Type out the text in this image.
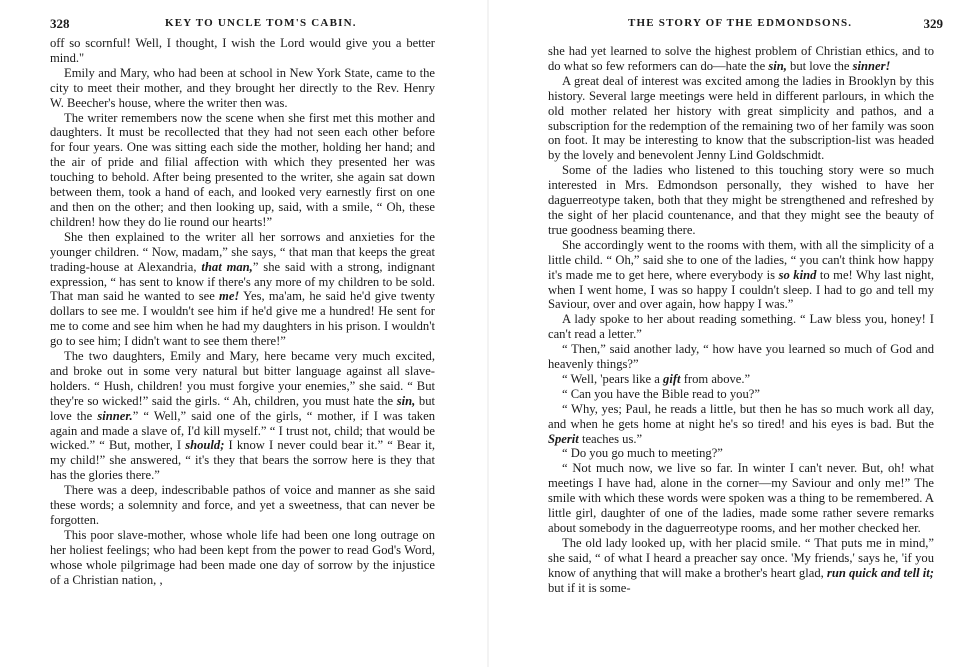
328	KEY TO UNCLE TOM'S CABIN.

off so scornful! Well, I thought, I wish the Lord would give you a better mind."

Emily and Mary, who had been at school in New York State, came to the city to meet their mother, and they brought her directly to the Rev. Henry W. Beecher's house, where the writer then was.

The writer remembers now the scene when she first met this mother and daughters. It must be recollected that they had not seen each other before for four years. One was sitting each side the mother, holding her hand; and the air of pride and filial affection with which they presented her was touching to behold. After being presented to the writer, she again sat down between them, took a hand of each, and looked very earnestly first on one and then on the other; and then looking up, said, with a smile, “ Oh, these children! how they do lie round our hearts!”

She then explained to the writer all her sorrows and anxieties for the younger children. “ Now, madam,” she says, “ that man that keeps the great trading-house at Alexandria, that man,” she said with a strong, indignant expression, “ has sent to know if there's any more of my children to be sold. That man said he wanted to see me! Yes, ma'am, he said he'd give twenty dollars to see me. I wouldn't see him if he'd give me a hundred! He sent for me to come and see him when he had my daughters in his prison. I wouldn't go to see him; I didn't want to see them there!”

The two daughters, Emily and Mary, here became very much excited, and broke out in some very natural but bitter language against all slave-holders. “ Hush, children! you must forgive your enemies,” she said. “ But they're so wicked!” said the girls. “ Ah, children, you must hate the sin, but love the sinner.” “ Well,” said one of the girls, “ mother, if I was taken again and made a slave of, I'd kill myself.” “ I trust not, child; that would be wicked.” “ But, mother, I should; I know I never could bear it.” “ Bear it, my child!” she answered, “ it's they that bears the sorrow here is they that has the glories there.”

There was a deep, indescribable pathos of voice and manner as she said these words; a solemnity and force, and yet a sweetness, that can never be forgotten.

This poor slave-mother, whose whole life had been one long outrage on her holiest feelings; who had been kept from the power to read God's Word, whose whole pilgrimage had been made one day of sorrow by the injustice of a Christian nation, ,

THE STORY OF THE EDMONDSONS.	329

she had yet learned to solve the highest problem of Christian ethics, and to do what so few reformers can do—hate the sin, but love the sinner!

A great deal of interest was excited among the ladies in Brooklyn by this history. Several large meetings were held in different parlours, in which the old mother related her history with great simplicity and pathos, and a subscription for the redemption of the remaining two of her family was soon on foot. It may be interesting to know that the subscription-list was headed by the lovely and benevolent Jenny Lind Goldschmidt.

Some of the ladies who listened to this touching story were so much interested in Mrs. Edmondson personally, they wished to have her daguerreotype taken, both that they might be strengthened and refreshed by the sight of her placid countenance, and that they might see the beauty of true goodness beaming there.

She accordingly went to the rooms with them, with all the simplicity of a little child. “ Oh,” said she to one of the ladies, “ you can't think how happy it's made me to get here, where everybody is so kind to me! Why last night, when I went home, I was so happy I couldn't sleep. I had to go and tell my Saviour, over and over again, how happy I was.”

A lady spoke to her about reading something. “ Law bless you, honey! I can't read a letter.”

“ Then,” said another lady, “ how have you learned so much of God and heavenly things?”

“ Well, 'pears like a gift from above.”

“ Can you have the Bible read to you?”

“ Why, yes; Paul, he reads a little, but then he has so much work all day, and when he gets home at night he's so tired! and his eyes is bad. But the Sperit teaches us.”

“ Do you go much to meeting?”

“ Not much now, we live so far. In winter I can't never. But, oh! what meetings I have had, alone in the corner—my Saviour and only me!” The smile with which these words were spoken was a thing to be remembered. A little girl, daughter of one of the ladies, made some rather severe remarks about somebody in the daguerreotype rooms, and her mother checked her.

The old lady looked up, with her placid smile. “ That puts me in mind,” she said, “ of what I heard a preacher say once. 'My friends,' says he, 'if you know of anything that will make a brother's heart glad, run quick and tell it; but if it is some-
